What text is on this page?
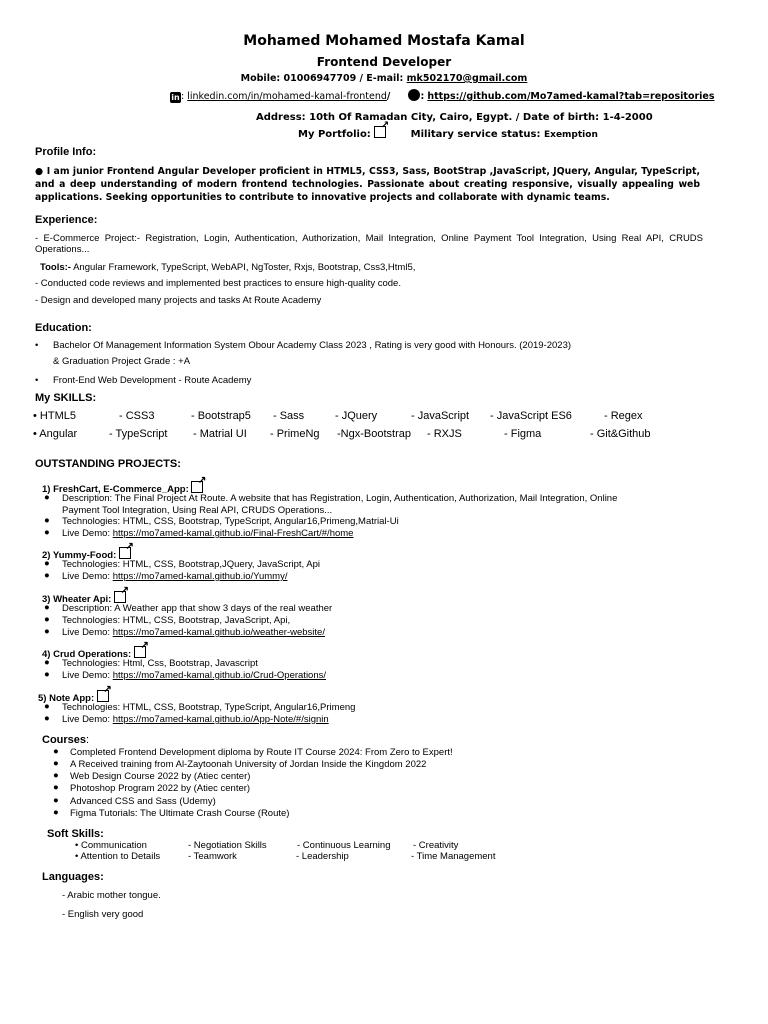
Mohamed Mohamed Mostafa Kamal
Frontend Developer
Mobile: 01006947709 / E-mail: mk502170@gmail.com
in: linkedin.com/in/mohamed-kamal-frontend/	: https://github.com/Mo7amed-kamal?tab=repositories
Address: 10th Of Ramadan City, Cairo, Egypt. / Date of birth: 1-4-2000
My Portfolio: ↗	Military service status: Exemption
Profile Info:
● I am junior Frontend Angular Developer proficient in HTML5, CSS3, Sass, BootStrap ,JavaScript, JQuery, Angular, TypeScript, and a deep understanding of modern frontend technologies. Passionate about creating responsive, visually appealing web applications. Seeking opportunities to contribute to innovative projects and collaborate with dynamic teams.
Experience:
- E-Commerce Project:- Registration, Login, Authentication, Authorization, Mail Integration, Online Payment Tool Integration, Using Real API, CRUDS Operations...
Tools:- Angular Framework, TypeScript, WebAPI, NgToster, Rxjs, Bootstrap, Css3,Html5,
- Conducted code reviews and implemented best practices to ensure high-quality code.
- Design and developed many projects and tasks At Route Academy
Education:
• Bachelor Of Management Information System Obour Academy Class 2023 , Rating is very good with Honours. (2019-2023)
& Graduation Project Grade : +A
• Front-End Web Development - Route Academy
My SKILLS:
• HTML5	- CSS3	- Bootstrap5 - Sass	- JQuery	- JavaScript - JavaScript ES6	- Regex
• Angular	- TypeScript - Matrial UI - PrimeNg -Ngx-Bootstrap - RXJS	- Figma	- Git&Github
OUTSTANDING PROJECTS:
1) FreshCart, E-Commerce_App: ↗
● Description: The Final Project At Route. A website that has Registration, Login, Authentication, Authorization, Mail Integration, Online
Payment Tool Integration, Using Real API, CRUDS Operations...
● Technologies: HTML, CSS, Bootstrap, TypeScript, Angular16,Primeng,Matrial-Ui
● Live Demo: https://mo7amed-kamal.github.io/Final-FreshCart/#/home
2) Yummy-Food: ↗
● Technologies: HTML, CSS, Bootstrap,JQuery, JavaScript, Api
● Live Demo: https://mo7amed-kamal.github.io/Yummy/
3) Wheater Api: ↗
● Description: A Weather app that show 3 days of the real weather
● Technologies: HTML, CSS, Bootstrap, JavaScript, Api,
● Live Demo: https://mo7amed-kamal.github.io/weather-website/
4) Crud Operations: ↗
● Technologies: Html, Css, Bootstrap, Javascript
● Live Demo: https://mo7amed-kamal.github.io/Crud-Operations/
5) Note App: ↗
● Technologies: HTML, CSS, Bootstrap, TypeScript, Angular16,Primeng
● Live Demo: https://mo7amed-kamal.github.io/App-Note/#/signin
Courses:
● Completed Frontend Development diploma by Route IT Course 2024: From Zero to Expert!
● A Received training from Al-Zaytoonah University of Jordan Inside the Kingdom 2022
● Web Design Course 2022 by (Atiec center)
● Photoshop Program 2022 by (Atiec center)
● Advanced CSS and Sass (Udemy)
● Figma Tutorials: The Ultimate Crash Course (Route)
Soft Skills:
• Communication	- Negotiation Skills	- Continuous Learning - Creativity
• Attention to Details	- Teamwork	- Leadership	- Time Management
Languages:
- Arabic mother tongue.
- English very good
